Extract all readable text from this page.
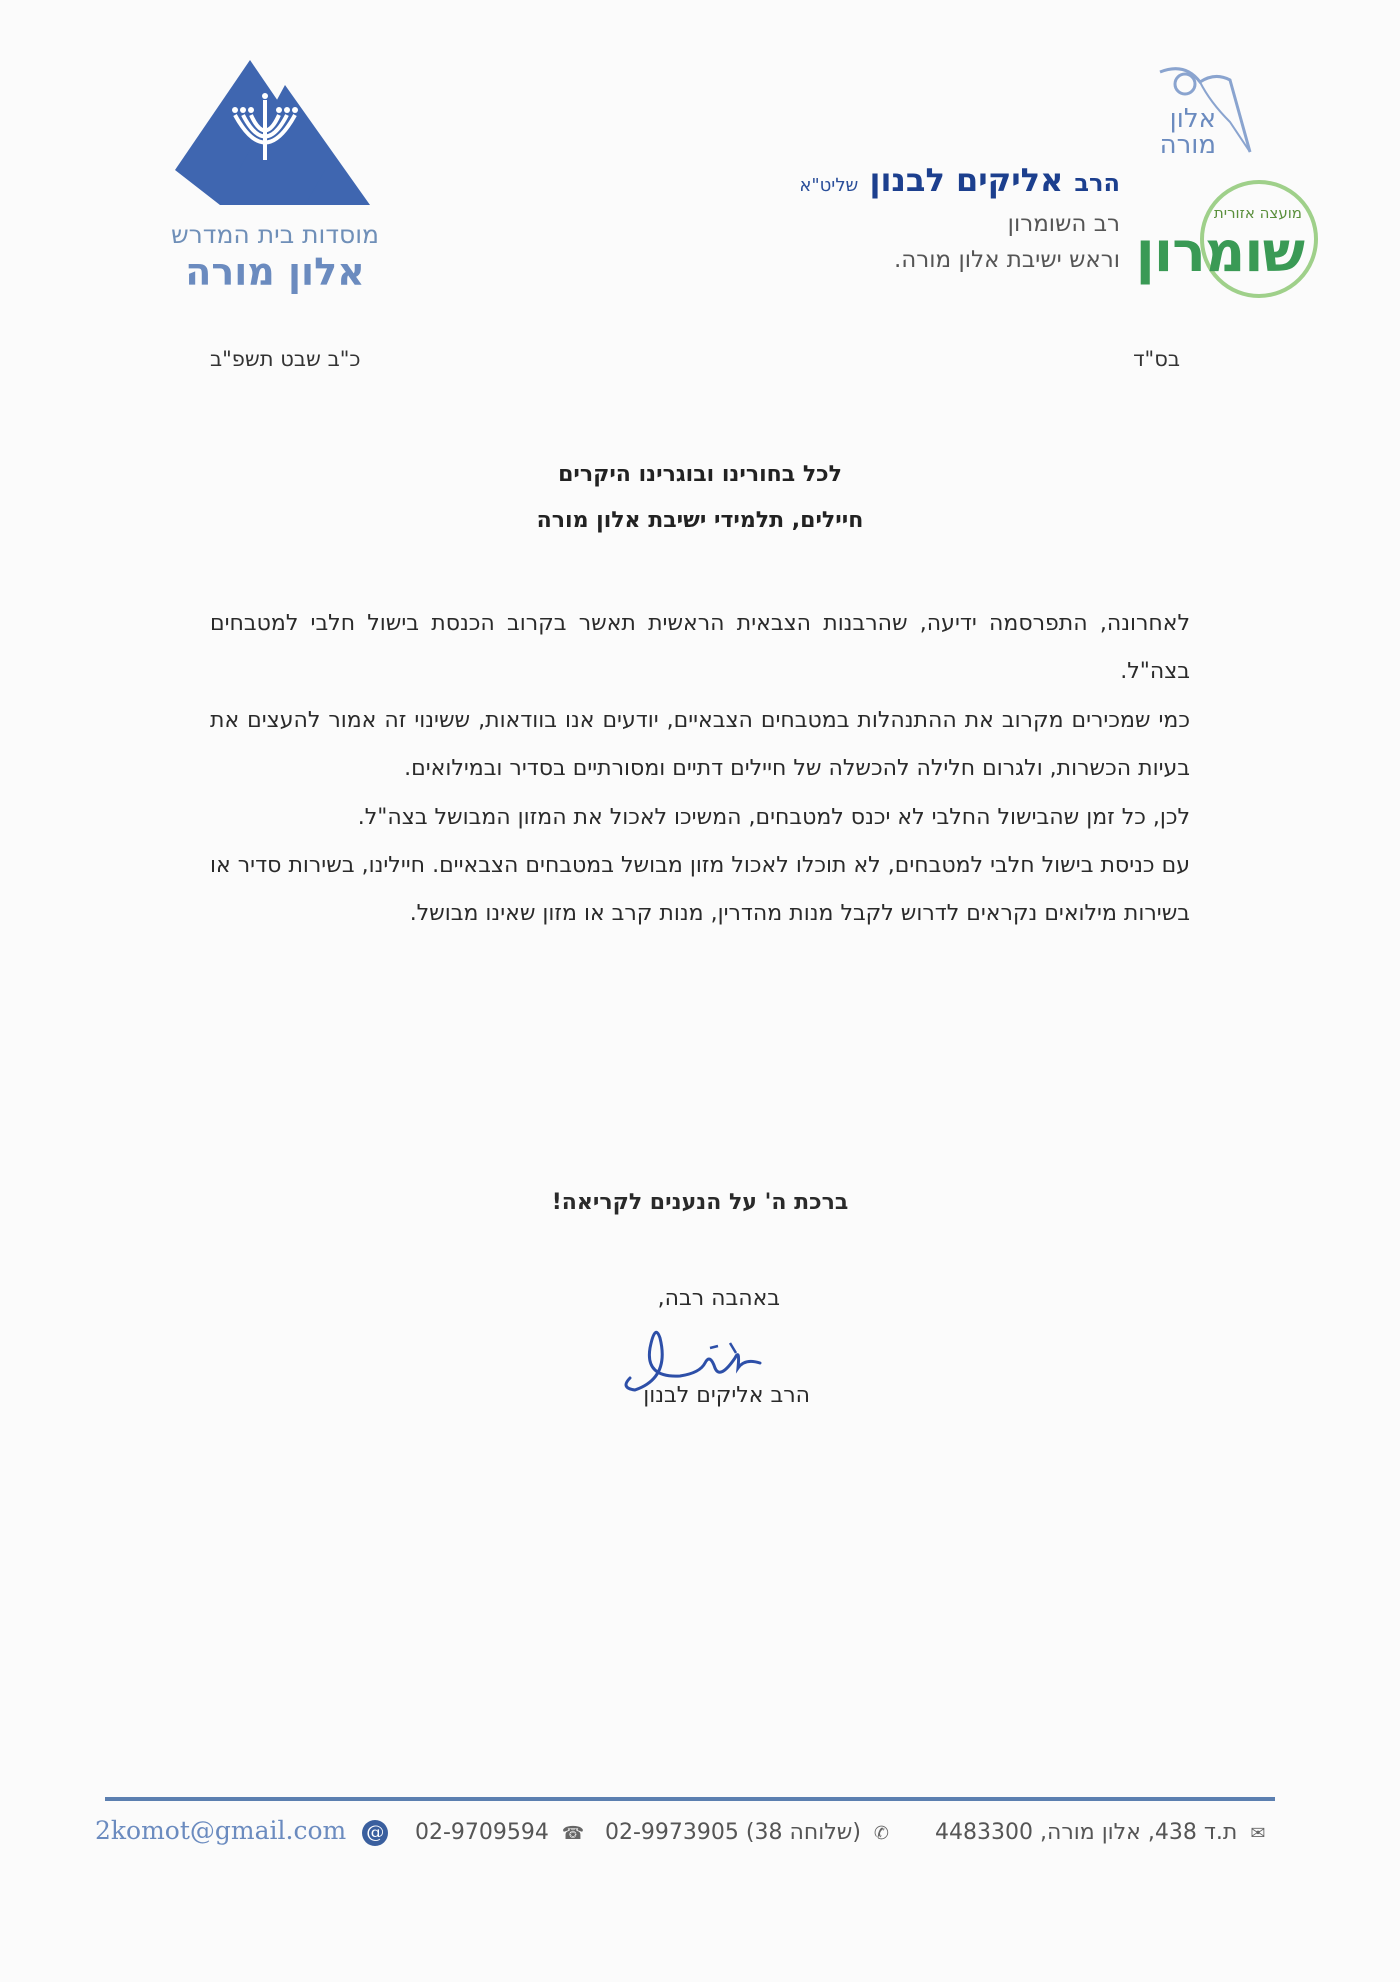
אלון מורה
מועצה אזורית
שומרון
הרב אליקים לבנון שליט"א
רב השומרון
וראש ישיבת אלון מורה.
מוסדות בית המדרש
אלון מורה
בס"ד
כ"ב שבט תשפ"ב
לכל בחורינו ובוגרינו היקרים
חיילים, תלמידי ישיבת אלון מורה

לאחרונה, התפרסמה ידיעה, שהרבנות הצבאית הראשית תאשר בקרוב הכנסת בישול חלבי למטבחים בצה"ל.

כמי שמכירים מקרוב את ההתנהלות במטבחים הצבאיים, יודעים אנו בוודאות, ששינוי זה אמור להעצים את בעיות הכשרות, ולגרום חלילה להכשלה של חיילים דתיים ומסורתיים בסדיר ובמילואים.

לכן, כל זמן שהבישול החלבי לא יכנס למטבחים, המשיכו לאכול את המזון המבושל בצה"ל.

עם כניסת בישול חלבי למטבחים, לא תוכלו לאכול מזון מבושל במטבחים הצבאיים. חיילינו, בשירות סדיר או בשירות מילואים נקראים לדרוש לקבל מנות מהדרין, מנות קרב או מזון שאינו מבושל.

ברכת ה' על הנענים לקריאה!
באהבה רבה,
הרב אליקים לבנון
2komot@gmail.com @ 02-9709594 ☎ 02-9973905 (שלוחה 38) ✆	✉ ת.ד 438, אלון מורה, 4483300
